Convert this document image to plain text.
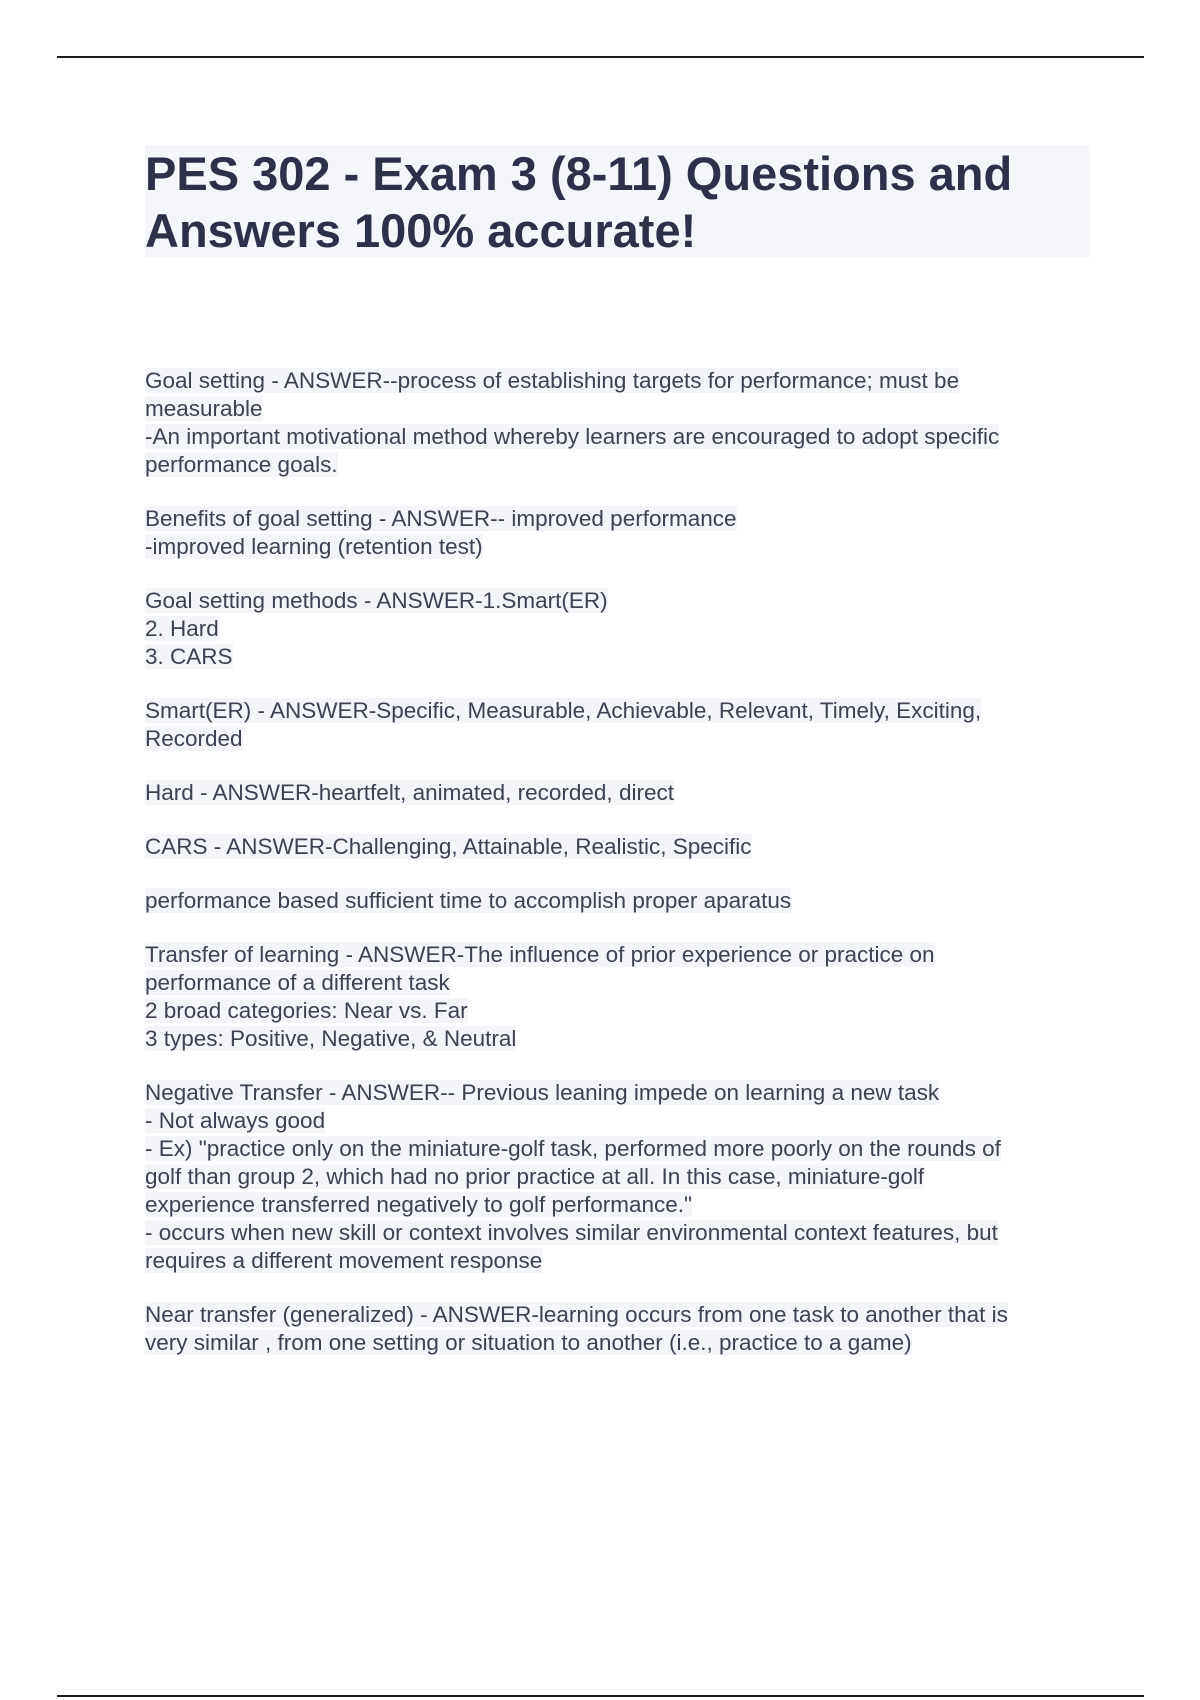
PES 302 - Exam 3 (8-11) Questions and
Answers 100% accurate!
Goal setting - ANSWER--process of establishing targets for performance; must be
measurable
-An important motivational method whereby learners are encouraged to adopt specific
performance goals.
Benefits of goal setting - ANSWER-- improved performance
-improved learning (retention test)
Goal setting methods - ANSWER-1.Smart(ER)
2. Hard
3. CARS
Smart(ER) - ANSWER-Specific, Measurable, Achievable, Relevant, Timely, Exciting,
Recorded
Hard - ANSWER-heartfelt, animated, recorded, direct
CARS - ANSWER-Challenging, Attainable, Realistic, Specific
performance based sufficient time to accomplish proper aparatus
Transfer of learning - ANSWER-The influence of prior experience or practice on
performance of a different task
2 broad categories: Near vs. Far
3 types: Positive, Negative, & Neutral
Negative Transfer - ANSWER-- Previous leaning impede on learning a new task
- Not always good
- Ex) "practice only on the miniature-golf task, performed more poorly on the rounds of
golf than group 2, which had no prior practice at all. In this case, miniature-golf
experience transferred negatively to golf performance."
- occurs when new skill or context involves similar environmental context features, but
requires a different movement response
Near transfer (generalized) - ANSWER-learning occurs from one task to another that is
very similar , from one setting or situation to another (i.e., practice to a game)
